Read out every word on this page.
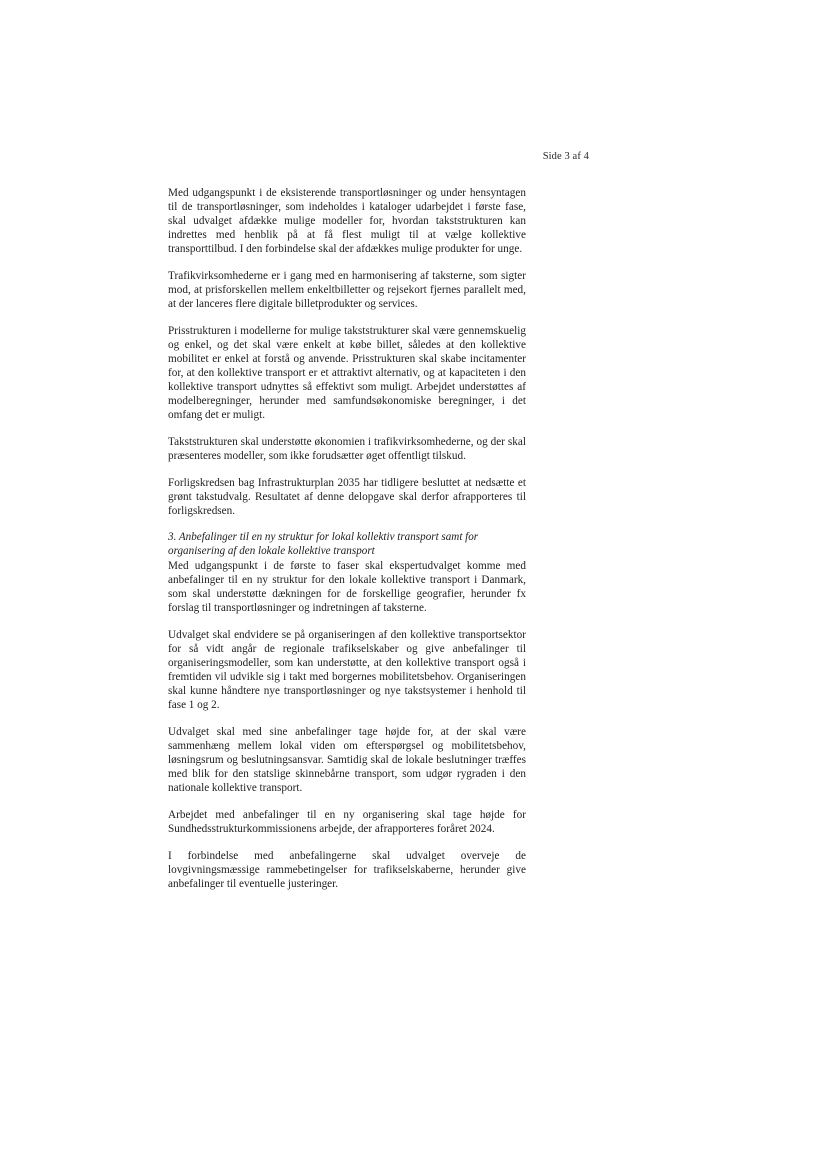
Side 3 af 4

Med udgangspunkt i de eksisterende transportløsninger og under hensyntagen til de transportløsninger, som indeholdes i kataloger udarbejdet i første fase, skal udvalget afdække mulige modeller for, hvordan takststrukturen kan indrettes med henblik på at få flest muligt til at vælge kollektive transporttilbud. I den forbindelse skal der afdækkes mulige produkter for unge.

Trafikvirksomhederne er i gang med en harmonisering af taksterne, som sigter mod, at prisforskellen mellem enkeltbilletter og rejsekort fjernes parallelt med, at der lanceres flere digitale billetprodukter og services.

Prisstrukturen i modellerne for mulige takststrukturer skal være gennemskuelig og enkel, og det skal være enkelt at købe billet, således at den kollektive mobilitet er enkel at forstå og anvende. Prisstrukturen skal skabe incitamenter for, at den kollektive transport er et attraktivt alternativ, og at kapaciteten i den kollektive transport udnyttes så effektivt som muligt. Arbejdet understøttes af modelberegninger, herunder med samfundsøkonomiske beregninger, i det omfang det er muligt.

Takststrukturen skal understøtte økonomien i trafikvirksomhederne, og der skal præsenteres modeller, som ikke forudsætter øget offentligt tilskud.

Forligskredsen bag Infrastrukturplan 2035 har tidligere besluttet at nedsætte et grønt takstudvalg. Resultatet af denne delopgave skal derfor afrapporteres til forligskredsen.

3. Anbefalinger til en ny struktur for lokal kollektiv transport samt for organisering af den lokale kollektive transport

Med udgangspunkt i de første to faser skal ekspertudvalget komme med anbefalinger til en ny struktur for den lokale kollektive transport i Danmark, som skal understøtte dækningen for de forskellige geografier, herunder fx forslag til transportløsninger og indretningen af taksterne.

Udvalget skal endvidere se på organiseringen af den kollektive transportsektor for så vidt angår de regionale trafikselskaber og give anbefalinger til organiseringsmodeller, som kan understøtte, at den kollektive transport også i fremtiden vil udvikle sig i takt med borgernes mobilitetsbehov. Organiseringen skal kunne håndtere nye transportløsninger og nye takstsystemer i henhold til fase 1 og 2.

Udvalget skal med sine anbefalinger tage højde for, at der skal være sammenhæng mellem lokal viden om efterspørgsel og mobilitetsbehov, løsningsrum og beslutningsansvar. Samtidig skal de lokale beslutninger træffes med blik for den statslige skinnebårne transport, som udgør rygraden i den nationale kollektive transport.

Arbejdet med anbefalinger til en ny organisering skal tage højde for Sundhedsstrukturkommissionens arbejde, der afrapporteres foråret 2024.

I forbindelse med anbefalingerne skal udvalget overveje de lovgivningsmæssige rammebetingelser for trafikselskaberne, herunder give anbefalinger til eventuelle justeringer.
